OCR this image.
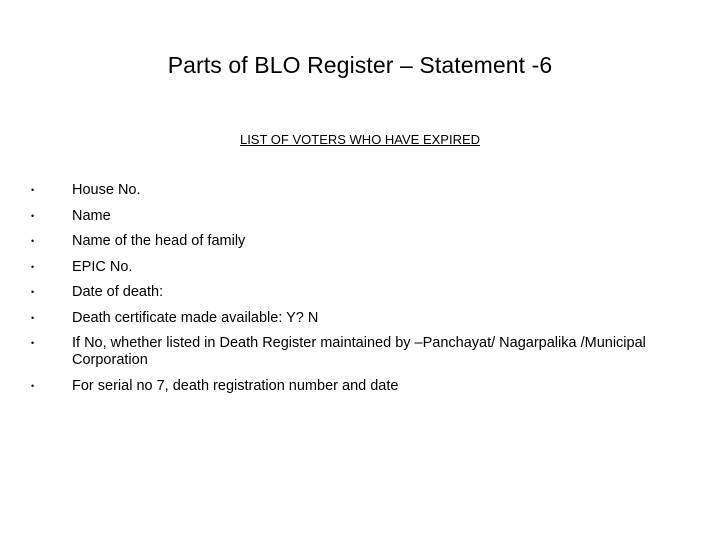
Parts of BLO Register – Statement -6
LIST OF VOTERS WHO HAVE EXPIRED
•	House No.
•	Name
•	Name of the head of family
•	EPIC No.
•	Date of death:
•	Death certificate made available: Y? N
•	If No, whether listed in Death Register maintained by –Panchayat/ Nagarpalika /Municipal Corporation
•	For serial no 7, death registration number and date
